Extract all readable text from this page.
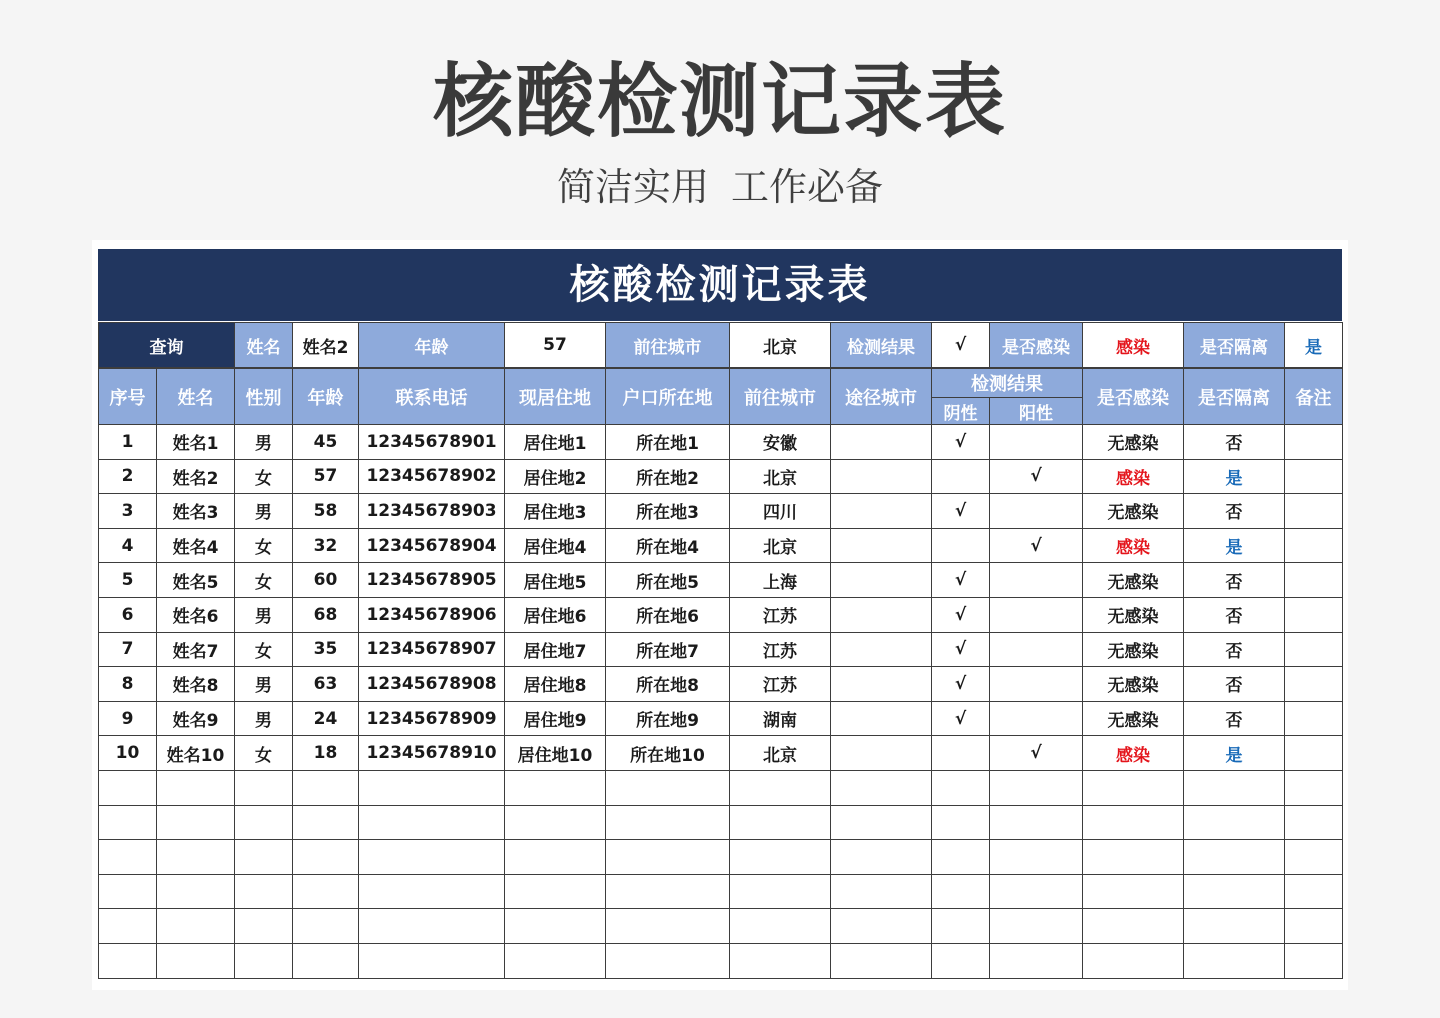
核酸检测记录表
简洁实用 工作必备
核酸检测记录表
查询	姓名	姓名2	年龄	57	前往城市	北京	检测结果	√	是否感染	感染	是否隔离	是
序号	姓名	性别	年龄	联系电话	现居住地	户口所在地	前往城市	途径城市	检测结果		是否感染	是否隔离	备注
									阴性	阳性			
1	姓名1	男	45	12345678901	居住地1	所在地1	安徽		√		无感染	否	
2	姓名2	女	57	12345678902	居住地2	所在地2	北京			√	感染	是	
3	姓名3	男	58	12345678903	居住地3	所在地3	四川		√		无感染	否	
4	姓名4	女	32	12345678904	居住地4	所在地4	北京			√	感染	是	
5	姓名5	女	60	12345678905	居住地5	所在地5	上海		√		无感染	否	
6	姓名6	男	68	12345678906	居住地6	所在地6	江苏		√		无感染	否	
7	姓名7	女	35	12345678907	居住地7	所在地7	江苏		√		无感染	否	
8	姓名8	男	63	12345678908	居住地8	所在地8	江苏		√		无感染	否	
9	姓名9	男	24	12345678909	居住地9	所在地9	湖南		√		无感染	否	
10	姓名10	女	18	12345678910	居住地10	所在地10	北京			√	感染	是	
